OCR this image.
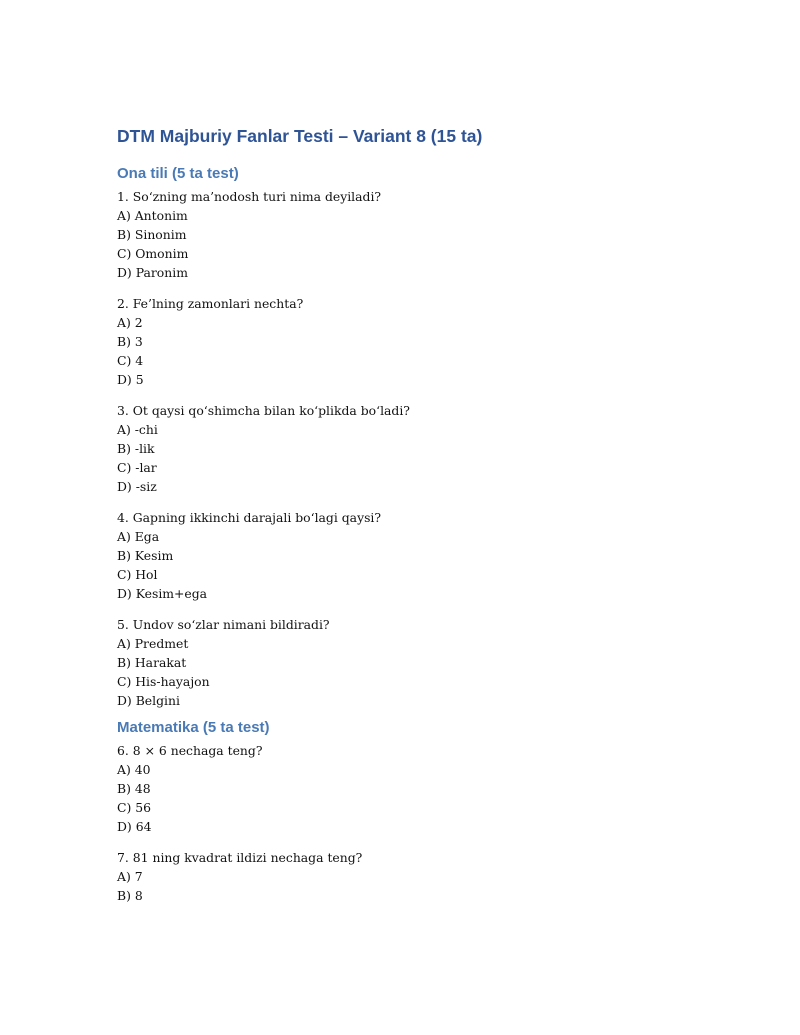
DTM Majburiy Fanlar Testi – Variant 8 (15 ta)
Ona tili (5 ta test)
1. So‘zning ma’nodosh turi nima deyiladi?
A) Antonim
B) Sinonim
C) Omonim
D) Paronim
2. Fe’lning zamonlari nechta?
A) 2
B) 3
C) 4
D) 5
3. Ot qaysi qo‘shimcha bilan ko‘plikda bo‘ladi?
A) -chi
B) -lik
C) -lar
D) -siz
4. Gapning ikkinchi darajali bo‘lagi qaysi?
A) Ega
B) Kesim
C) Hol
D) Kesim+ega
5. Undov so‘zlar nimani bildiradi?
A) Predmet
B) Harakat
C) His-hayajon
D) Belgini
Matematika (5 ta test)
6. 8 × 6 nechaga teng?
A) 40
B) 48
C) 56
D) 64
7. 81 ning kvadrat ildizi nechaga teng?
A) 7
B) 8
